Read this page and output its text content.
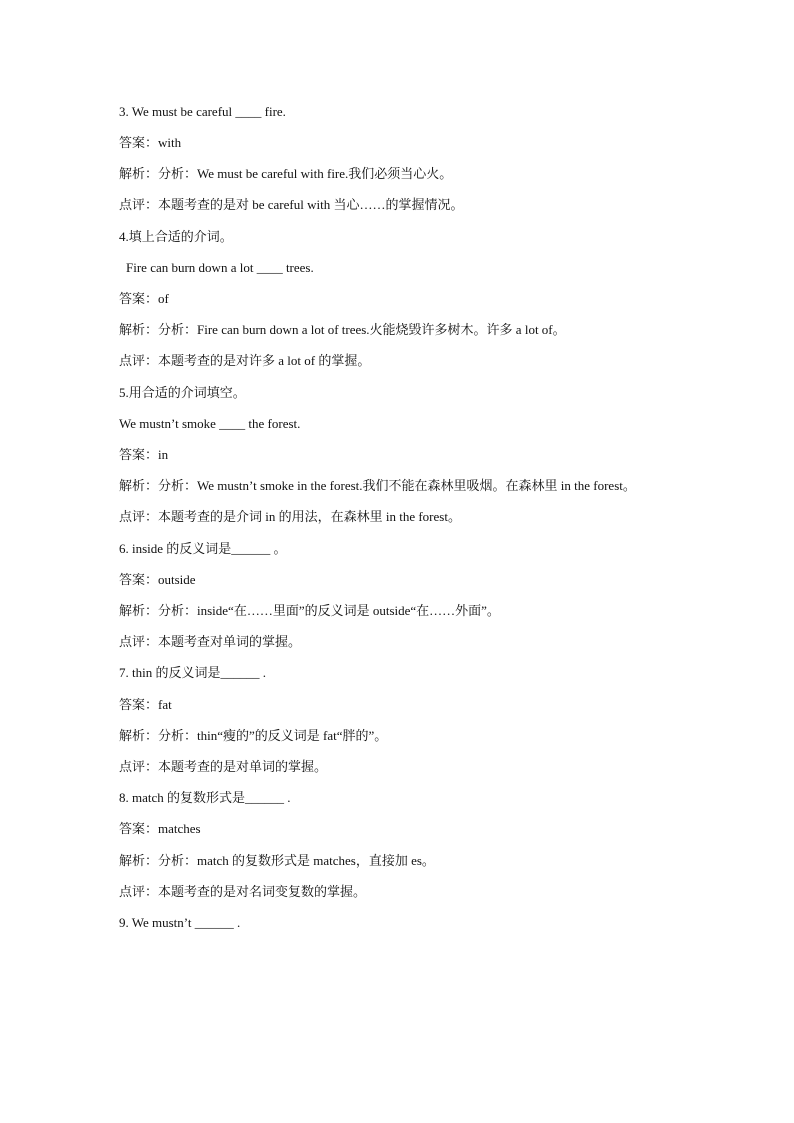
3. We must be careful ____ fire.
答案：with
解析：分析：We must be careful with fire.我们必须当心火。
点评：本题考查的是对 be careful with 当心……的掌握情况。
4.填上合适的介词。
Fire can burn down a lot ____ trees.
答案：of
解析：分析：Fire can burn down a lot of trees.火能烧毁许多树木。许多 a lot of。
点评：本题考查的是对许多 a lot of 的掌握。
5.用合适的介词填空。
We mustn’t smoke ____ the forest.
答案：in
解析：分析：We mustn’t smoke in the forest.我们不能在森林里吸烟。在森林里 in the forest。
点评：本题考查的是介词 in 的用法，在森林里 in the forest。
6. inside 的反义词是______ 。
答案：outside
解析：分析：inside“在……里面”的反义词是 outside“在……外面”。
点评：本题考查对单词的掌握。
7. thin 的反义词是______ .
答案：fat
解析：分析：thin“瘦的”的反义词是 fat“胖的”。
点评：本题考查的是对单词的掌握。
8. match 的复数形式是______ .
答案：matches
解析：分析：match 的复数形式是 matches，直接加 es。
点评：本题考查的是对名词变复数的掌握。
9. We mustn’t ______ .
